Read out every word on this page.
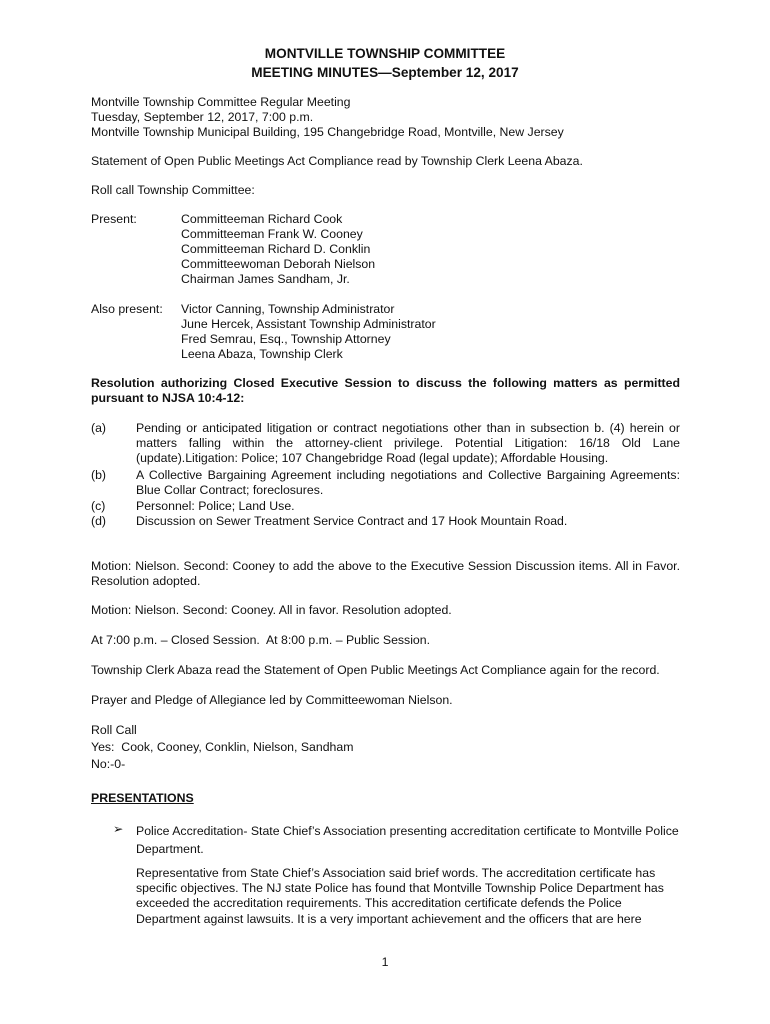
MONTVILLE TOWNSHIP COMMITTEE
MEETING MINUTES—September 12, 2017
Montville Township Committee Regular Meeting
Tuesday, September 12, 2017, 7:00 p.m.
Montville Township Municipal Building, 195 Changebridge Road, Montville, New Jersey
Statement of Open Public Meetings Act Compliance read by Township Clerk Leena Abaza.
Roll call Township Committee:
Present:	Committeeman Richard Cook
Committeeman Frank W. Cooney
Committeeman Richard D. Conklin
Committeewoman Deborah Nielson
Chairman James Sandham, Jr.
Also present: Victor Canning, Township Administrator
June Hercek, Assistant Township Administrator
Fred Semrau, Esq., Township Attorney
Leena Abaza, Township Clerk
Resolution authorizing Closed Executive Session to discuss the following matters as permitted pursuant to NJSA 10:4-12:
(a) Pending or anticipated litigation or contract negotiations other than in subsection b. (4) herein or matters falling within the attorney-client privilege. Potential Litigation: 16/18 Old Lane (update).Litigation: Police; 107 Changebridge Road (legal update); Affordable Housing.
(b) A Collective Bargaining Agreement including negotiations and Collective Bargaining Agreements: Blue Collar Contract; foreclosures.
(c) Personnel: Police; Land Use.
(d) Discussion on Sewer Treatment Service Contract and 17 Hook Mountain Road.
Motion: Nielson. Second: Cooney to add the above to the Executive Session Discussion items. All in Favor. Resolution adopted.
Motion: Nielson. Second: Cooney. All in favor. Resolution adopted.
At 7:00 p.m. – Closed Session.  At 8:00 p.m. – Public Session.
Township Clerk Abaza read the Statement of Open Public Meetings Act Compliance again for the record.
Prayer and Pledge of Allegiance led by Committeewoman Nielson.
Roll Call
Yes:  Cook, Cooney, Conklin, Nielson, Sandham
No:-0-
PRESENTATIONS
➢ Police Accreditation- State Chief’s Association presenting accreditation certificate to Montville Police Department.
Representative from State Chief’s Association said brief words. The accreditation certificate has specific objectives. The NJ state Police has found that Montville Township Police Department has exceeded the accreditation requirements. This accreditation certificate defends the Police Department against lawsuits. It is a very important achievement and the officers that are here
1
